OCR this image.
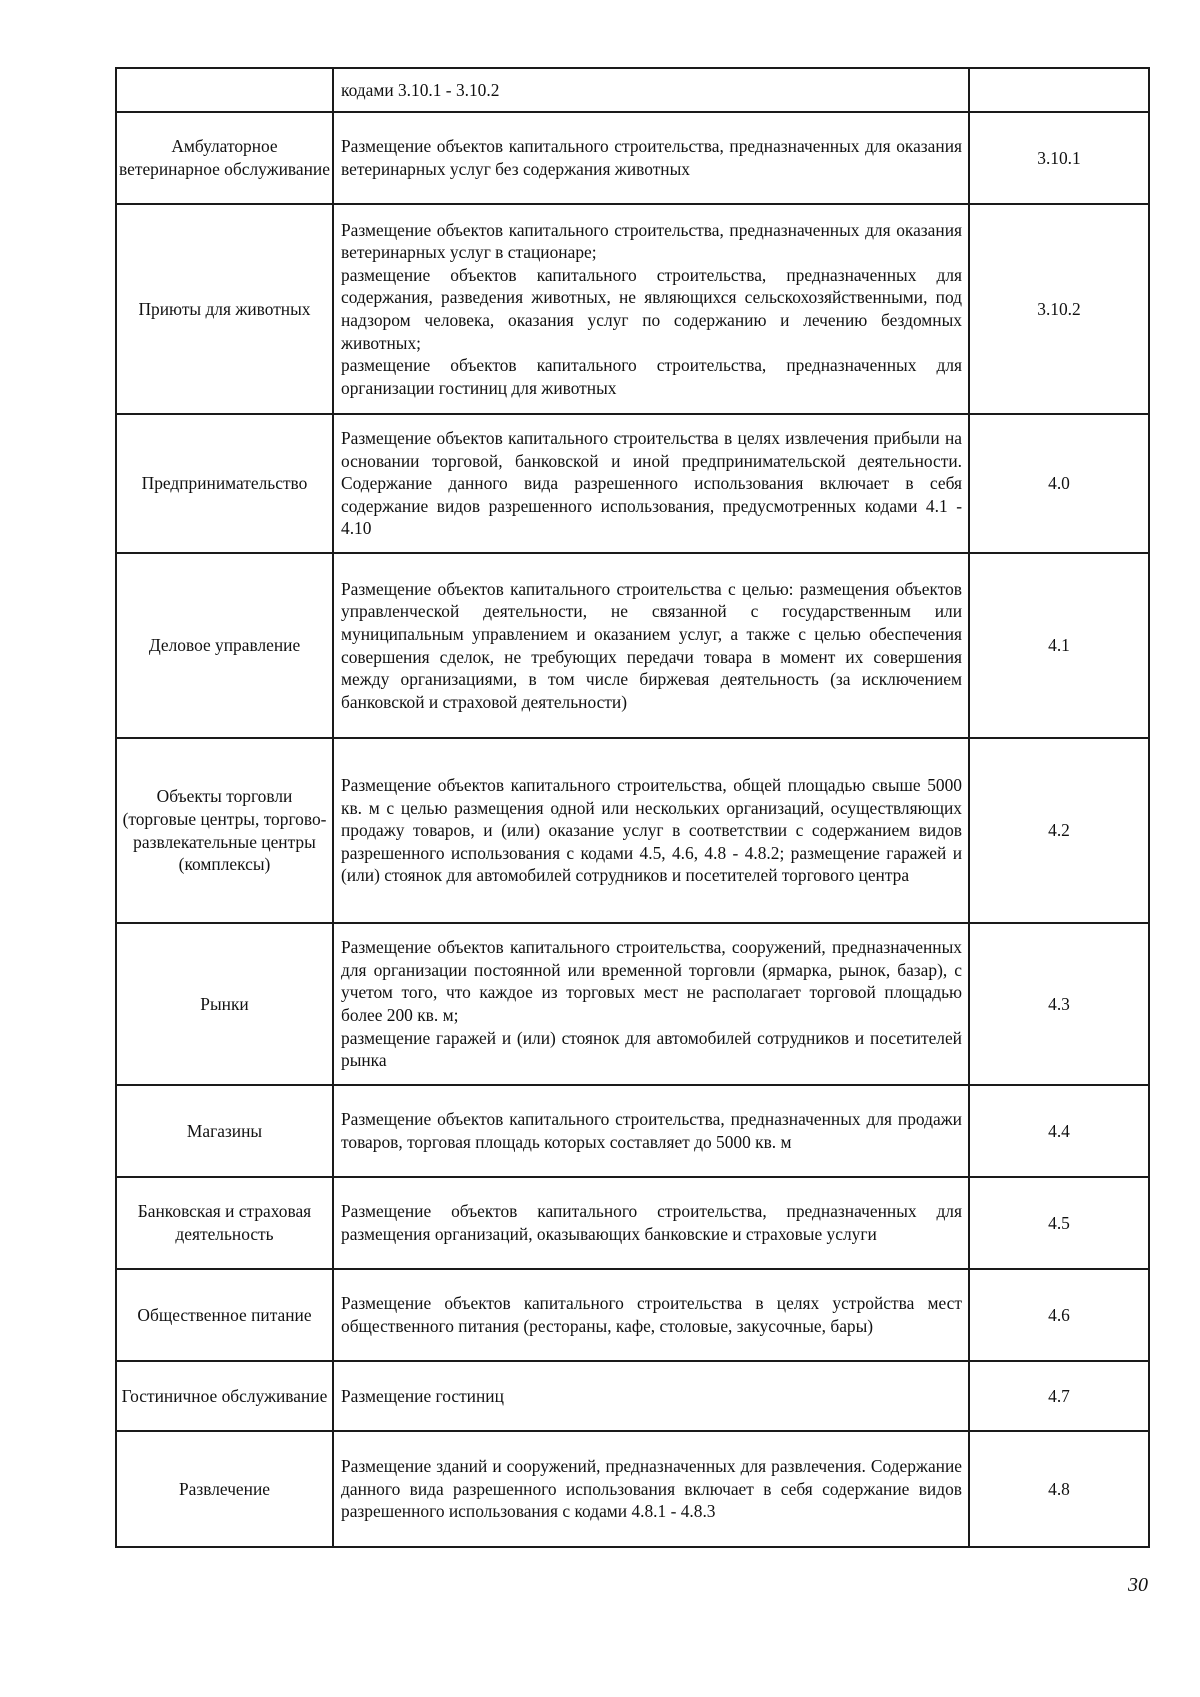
	кодами 3.10.1 - 3.10.2	

Амбулаторное ветеринарное обслуживание	Размещение объектов капитального строительства, предназначенных для оказания ветеринарных услуг без содержания животных	3.10.1
Приюты для животных	Размещение объектов капитального строительства, предназначенных для оказания ветеринарных услуг в стационаре;
размещение объектов капитального строительства, предназначенных для содержания, разведения животных, не являющихся сельскохозяйственными, под надзором человека, оказания услуг по содержанию и лечению бездомных животных;
размещение объектов капитального строительства, предназначенных для организации гостиниц для животных	3.10.2
Предпринимательство	Размещение объектов капитального строительства в целях извлечения прибыли на основании торговой, банковской и иной предпринимательской деятельности. Содержание данного вида разрешенного использования включает в себя содержание видов разрешенного использования, предусмотренных кодами 4.1 - 4.10	4.0
Деловое управление	Размещение объектов капитального строительства с целью: размещения объектов управленческой деятельности, не связанной с государственным или муниципальным управлением и оказанием услуг, а также с целью обеспечения совершения сделок, не требующих передачи товара в момент их совершения между организациями, в том числе биржевая деятельность (за исключением банковской и страховой деятельности)	4.1
Объекты торговли (торговые центры, торгово-развлекательные центры (комплексы)	Размещение объектов капитального строительства, общей площадью свыше 5000 кв. м с целью размещения одной или нескольких организаций, осуществляющих продажу товаров, и (или) оказание услуг в соответствии с содержанием видов разрешенного использования с кодами 4.5, 4.6, 4.8 - 4.8.2; размещение гаражей и (или) стоянок для автомобилей сотрудников и посетителей торгового центра	4.2
Рынки	Размещение объектов капитального строительства, сооружений, предназначенных для организации постоянной или временной торговли (ярмарка, рынок, базар), с учетом того, что каждое из торговых мест не располагает торговой площадью более 200 кв. м;
размещение гаражей и (или) стоянок для автомобилей сотрудников и посетителей рынка	4.3
Магазины	Размещение объектов капитального строительства, предназначенных для продажи товаров, торговая площадь которых составляет до 5000 кв. м	4.4
Банковская и страховая деятельность	Размещение объектов капитального строительства, предназначенных для размещения организаций, оказывающих банковские и страховые услуги	4.5
Общественное питание	Размещение объектов капитального строительства в целях устройства мест общественного питания (рестораны, кафе, столовые, закусочные, бары)	4.6
Гостиничное обслуживание	Размещение гостиниц	4.7
Развлечение	Размещение зданий и сооружений, предназначенных для развлечения. Содержание данного вида разрешенного использования включает в себя содержание видов разрешенного использования с кодами 4.8.1 - 4.8.3	4.8
30
